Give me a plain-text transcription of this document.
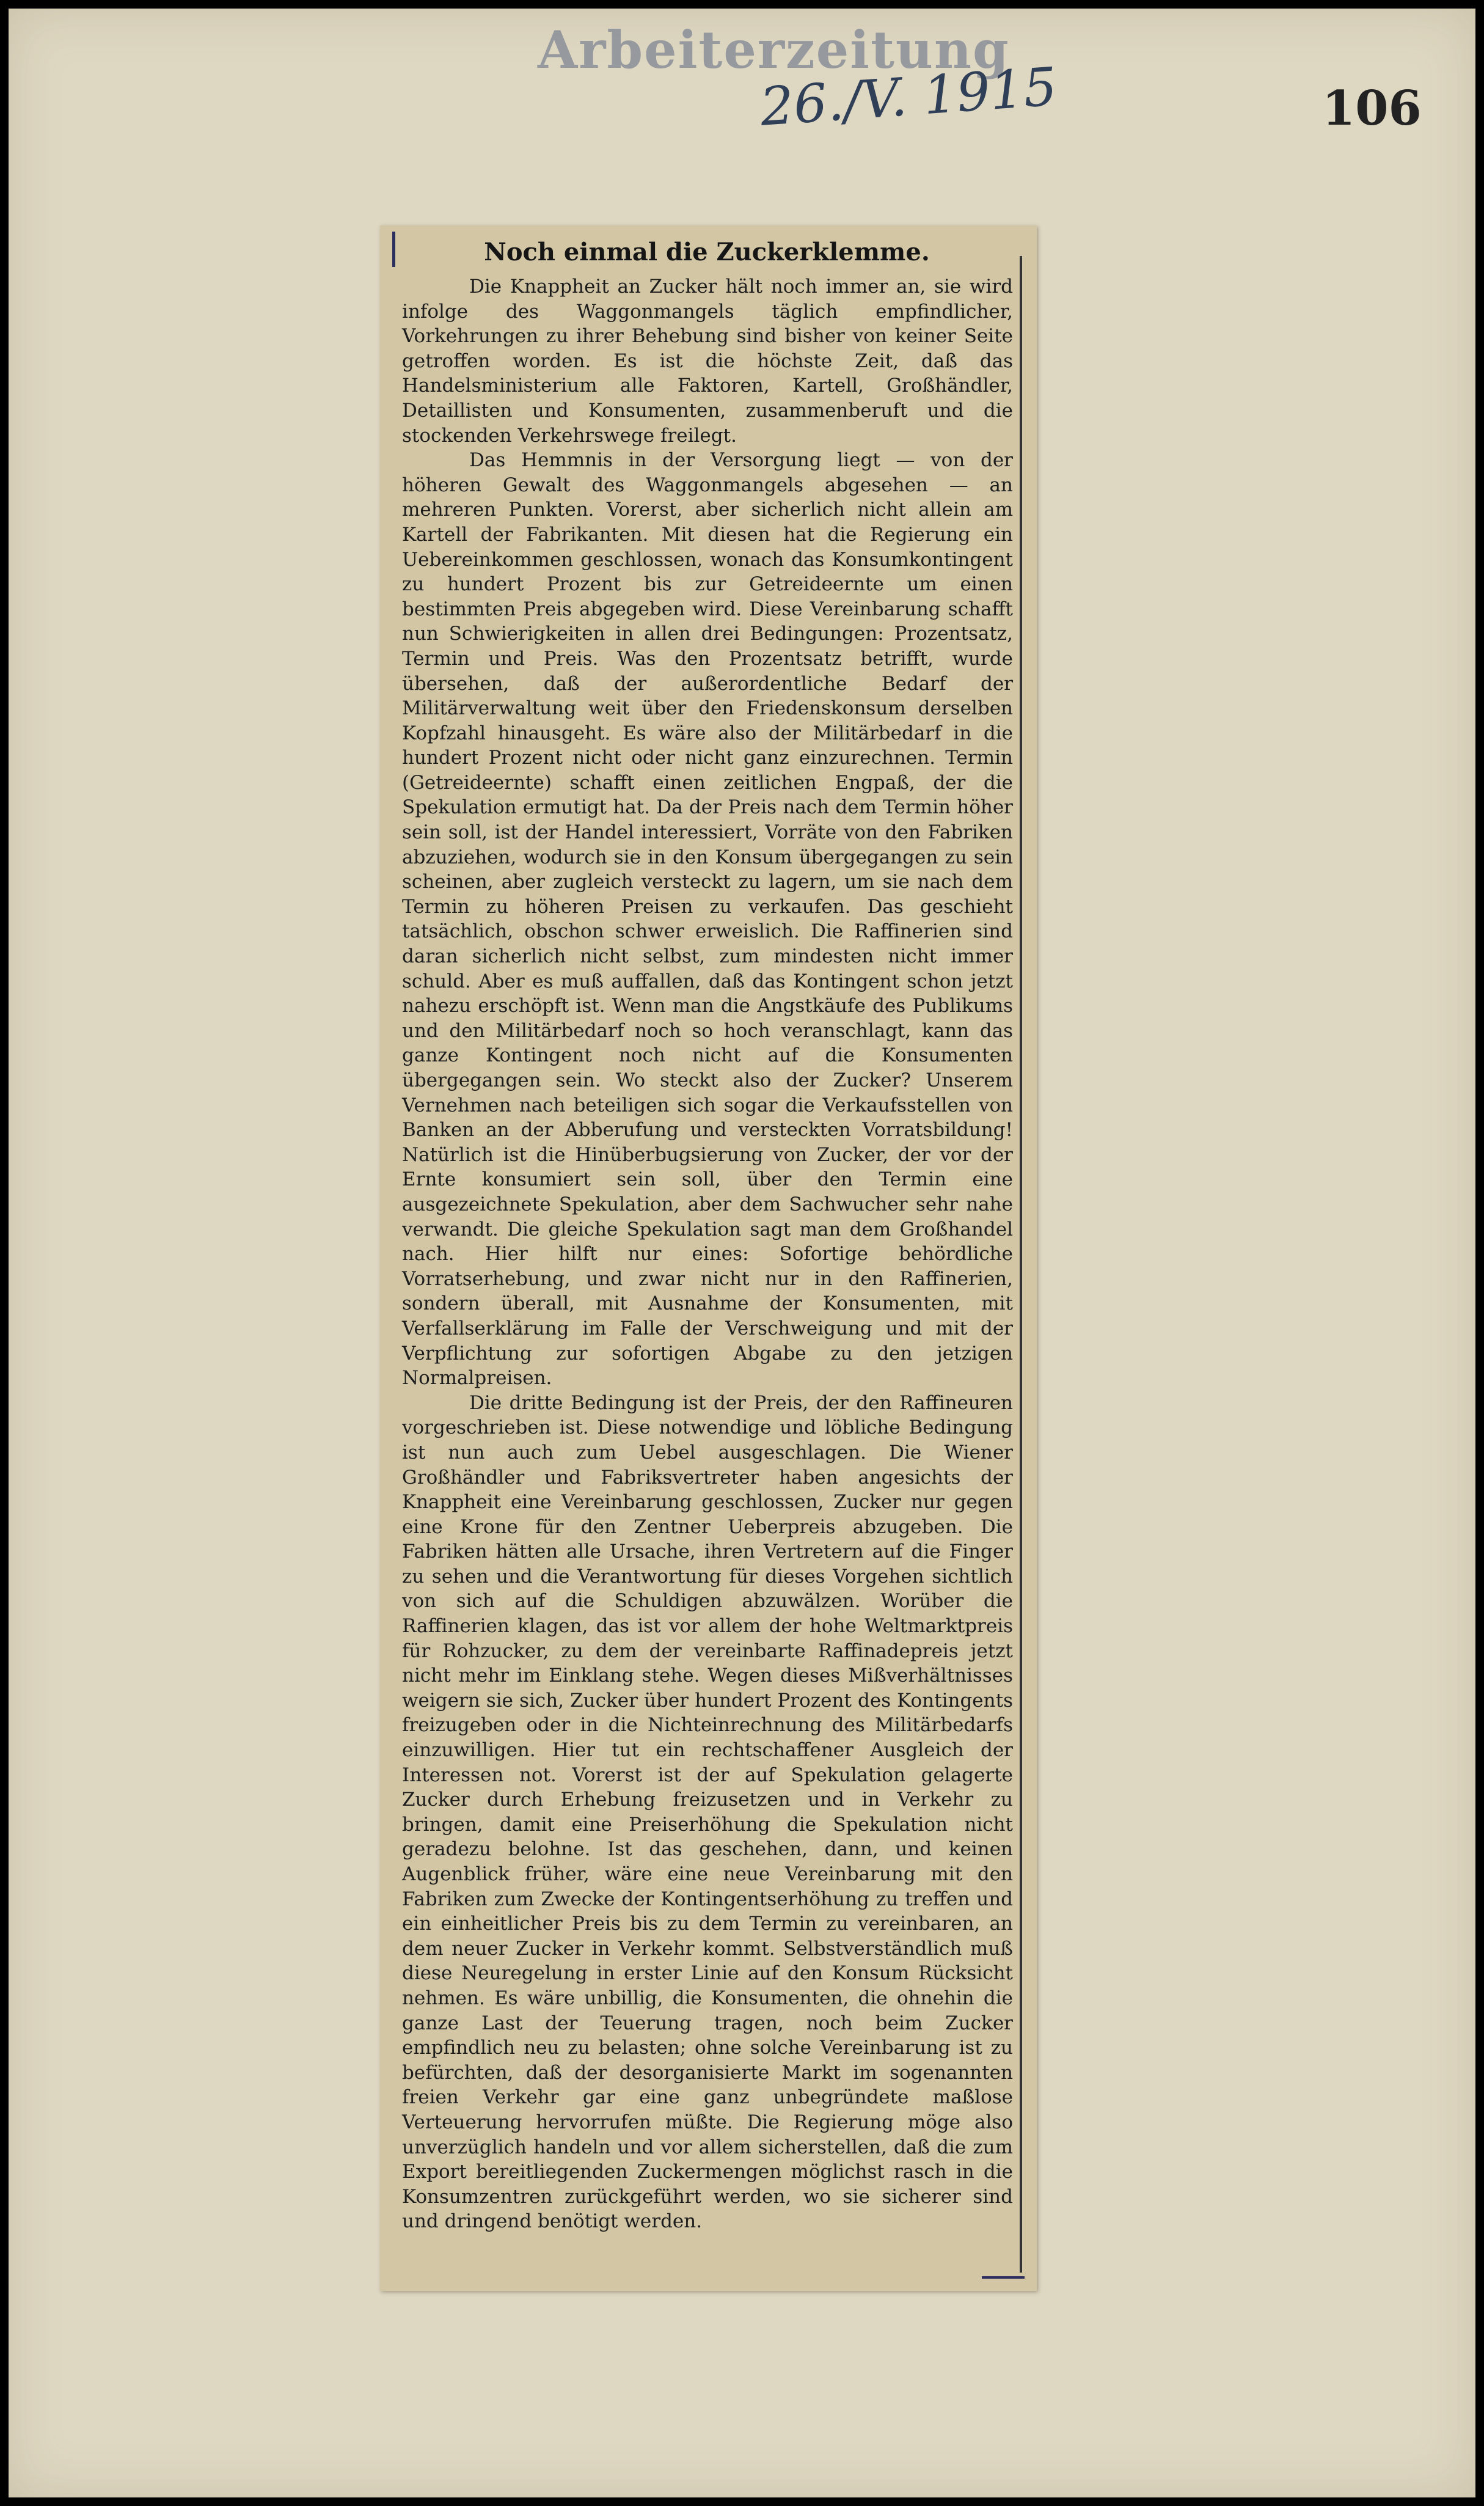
Arbeiterzeitung
26./V. 1915	106
Noch einmal die Zuckerklemme.

Die Knappheit an Zucker hält noch immer an, sie wird infolge des Waggonmangels täglich empfindlicher, Vorkehrungen zu ihrer Behebung sind bisher von keiner Seite getroffen worden. Es ist die höchste Zeit, daß das Handelsministerium alle Faktoren, Kartell, Großhändler, Detaillisten und Konsumenten, zusammenberuft und die stockenden Verkehrswege freilegt.

Das Hemmnis in der Versorgung liegt — von der höheren Gewalt des Waggonmangels abgesehen — an mehreren Punkten. Vorerst, aber sicherlich nicht allein am Kartell der Fabrikanten. Mit diesen hat die Regierung ein Uebereinkommen geschlossen, wonach das Konsumkontingent zu hundert Prozent bis zur Getreideernte um einen bestimmten Preis abgegeben wird. Diese Vereinbarung schafft nun Schwierigkeiten in allen drei Bedingungen: Prozentsatz, Termin und Preis. Was den Prozentsatz betrifft, wurde übersehen, daß der außerordentliche Bedarf der Militärverwaltung weit über den Friedenskonsum derselben Kopfzahl hinausgeht. Es wäre also der Militärbedarf in die hundert Prozent nicht oder nicht ganz einzurechnen. Termin (Getreideernte) schafft einen zeitlichen Engpaß, der die Spekulation ermutigt hat. Da der Preis nach dem Termin höher sein soll, ist der Handel interessiert, Vorräte von den Fabriken abzuziehen, wodurch sie in den Konsum übergegangen zu sein scheinen, aber zugleich versteckt zu lagern, um sie nach dem Termin zu höheren Preisen zu verkaufen. Das geschieht tatsächlich, obschon schwer erweislich. Die Raffinerien sind daran sicherlich nicht selbst, zum mindesten nicht immer schuld. Aber es muß auffallen, daß das Kontingent schon jetzt nahezu erschöpft ist. Wenn man die Angstkäufe des Publikums und den Militärbedarf noch so hoch veranschlagt, kann das ganze Kontingent noch nicht auf die Konsumenten übergegangen sein. Wo steckt also der Zucker? Unserem Vernehmen nach beteiligen sich sogar die Verkaufsstellen von Banken an der Abberufung und versteckten Vorratsbildung! Natürlich ist die Hinüberbugsierung von Zucker, der vor der Ernte konsumiert sein soll, über den Termin eine ausgezeichnete Spekulation, aber dem Sachwucher sehr nahe verwandt. Die gleiche Spekulation sagt man dem Großhandel nach. Hier hilft nur eines: Sofortige behördliche Vorratserhebung, und zwar nicht nur in den Raffinerien, sondern überall, mit Ausnahme der Konsumenten, mit Verfallserklärung im Falle der Verschweigung und mit der Verpflichtung zur sofortigen Abgabe zu den jetzigen Normalpreisen.

Die dritte Bedingung ist der Preis, der den Raffineuren vorgeschrieben ist. Diese notwendige und löbliche Bedingung ist nun auch zum Uebel ausgeschlagen. Die Wiener Großhändler und Fabriksvertreter haben angesichts der Knappheit eine Vereinbarung geschlossen, Zucker nur gegen eine Krone für den Zentner Ueberpreis abzugeben. Die Fabriken hätten alle Ursache, ihren Vertretern auf die Finger zu sehen und die Verantwortung für dieses Vorgehen sichtlich von sich auf die Schuldigen abzuwälzen. Worüber die Raffinerien klagen, das ist vor allem der hohe Weltmarktpreis für Rohzucker, zu dem der vereinbarte Raffinadepreis jetzt nicht mehr im Einklang stehe. Wegen dieses Mißverhältnisses weigern sie sich, Zucker über hundert Prozent des Kontingents freizugeben oder in die Nichteinrechnung des Militärbedarfs einzuwilligen. Hier tut ein rechtschaffener Ausgleich der Interessen not. Vorerst ist der auf Spekulation gelagerte Zucker durch Erhebung freizusetzen und in Verkehr zu bringen, damit eine Preiserhöhung die Spekulation nicht geradezu belohne. Ist das geschehen, dann, und keinen Augenblick früher, wäre eine neue Vereinbarung mit den Fabriken zum Zwecke der Kontingentserhöhung zu treffen und ein einheitlicher Preis bis zu dem Termin zu vereinbaren, an dem neuer Zucker in Verkehr kommt. Selbstverständlich muß diese Neuregelung in erster Linie auf den Konsum Rücksicht nehmen. Es wäre unbillig, die Konsumenten, die ohnehin die ganze Last der Teuerung tragen, noch beim Zucker empfindlich neu zu belasten; ohne solche Vereinbarung ist zu befürchten, daß der desorganisierte Markt im sogenannten freien Verkehr gar eine ganz unbegründete maßlose Verteuerung hervorrufen müßte. Die Regierung möge also unverzüglich handeln und vor allem sicherstellen, daß die zum Export bereitliegenden Zuckermengen möglichst rasch in die Konsumzentren zurückgeführt werden, wo sie sicherer sind und dringend benötigt werden.
